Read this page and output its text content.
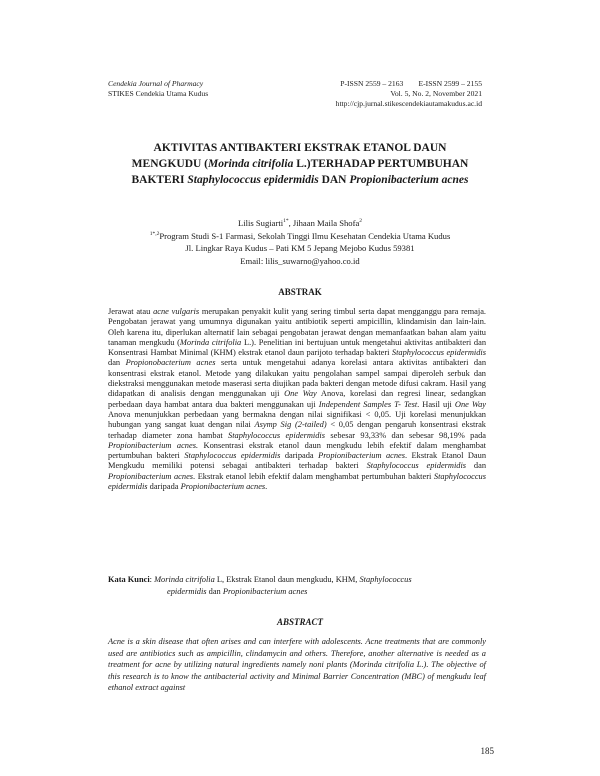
Cendekia Journal of Pharmacy
STIKES Cendekia Utama Kudus
P-ISSN 2559 – 2163        E-ISSN 2599 – 2155
Vol. 5, No. 2, November 2021
http://cjp.jurnal.stikescendekiautamakudus.ac.id
AKTIVITAS ANTIBAKTERI EKSTRAK ETANOL DAUN
MENGKUDU (Morinda citrifolia L.)TERHADAP PERTUMBUHAN
BAKTERI Staphylococcus epidermidis DAN Propionibacterium acnes
Lilis Sugiarti$^{1*}$, Jihaan Maila Shofa$^2$
$^{1*,2}$Program Studi S-1 Farmasi, Sekolah Tinggi Ilmu Kesehatan Cendekia Utama Kudus
Jl. Lingkar Raya Kudus – Pati KM 5 Jepang Mejobo Kudus 59381
Email: lilis_suwarno@yahoo.co.id
ABSTRAK
Jerawat atau acne vulgaris merupakan penyakit kulit yang sering timbul serta dapat mengganggu para remaja. Pengobatan jerawat yang umumnya digunakan yaitu antibiotik seperti ampicillin, klindamisin dan lain-lain. Oleh karena itu, diperlukan alternatif lain sebagai pengobatan jerawat dengan memanfaatkan bahan alam yaitu tanaman mengkudu (Morinda citrifolia L.). Penelitian ini bertujuan untuk mengetahui aktivitas antibakteri dan Konsentrasi Hambat Minimal (KHM) ekstrak etanol daun parijoto terhadap bakteri Staphylococcus epidermidis dan Propionobacterium acnes serta untuk mengetahui adanya korelasi antara aktivitas antibakteri dan konsentrasi ekstrak etanol. Metode yang dilakukan yaitu pengolahan sampel sampai diperoleh serbuk dan diekstraksi menggunakan metode maserasi serta diujikan pada bakteri dengan metode difusi cakram. Hasil yang didapatkan di analisis dengan menggunakan uji One Way Anova, korelasi dan regresi linear, sedangkan perbedaan daya hambat antara dua bakteri menggunakan uji Independent Samples T- Test. Hasil uji One Way Anova menunjukkan perbedaan yang bermakna dengan nilai signifikasi < 0,05. Uji korelasi menunjukkan hubungan yang sangat kuat dengan nilai Asymp Sig (2-tailed) < 0,05 dengan pengaruh konsentrasi ekstrak terhadap diameter zona hambat Staphylococcus epidermidis sebesar 93,33% dan sebesar 98,19% pada Propionibacterium acnes. Konsentrasi ekstrak etanol daun mengkudu lebih efektif dalam menghambat pertumbuhan bakteri Staphylococcus epidermidis daripada Propionibacterium acnes. Ekstrak Etanol Daun Mengkudu memiliki potensi sebagai antibakteri terhadap bakteri Staphylococcus epidermidis dan Propionibacterium acnes. Ekstrak etanol lebih efektif dalam menghambat pertumbuhan bakteri Staphylococcus epidermidis daripada Propionibacterium acnes.
Kata Kunci: Morinda citrifolia L, Ekstrak Etanol daun mengkudu, KHM, Staphylococcus
epidermidis dan Propionibacterium acnes
ABSTRACT
Acne is a skin disease that often arises and can interfere with adolescents. Acne treatments that are commonly used are antibiotics such as ampicillin, clindamycin and others. Therefore, another alternative is needed as a treatment for acne by utilizing natural ingredients namely noni plants (Morinda citrifolia L.). The objective of this research is to know the antibacterial activity and Minimal Barrier Concentration (MBC) of mengkudu leaf ethanol extract against
185
